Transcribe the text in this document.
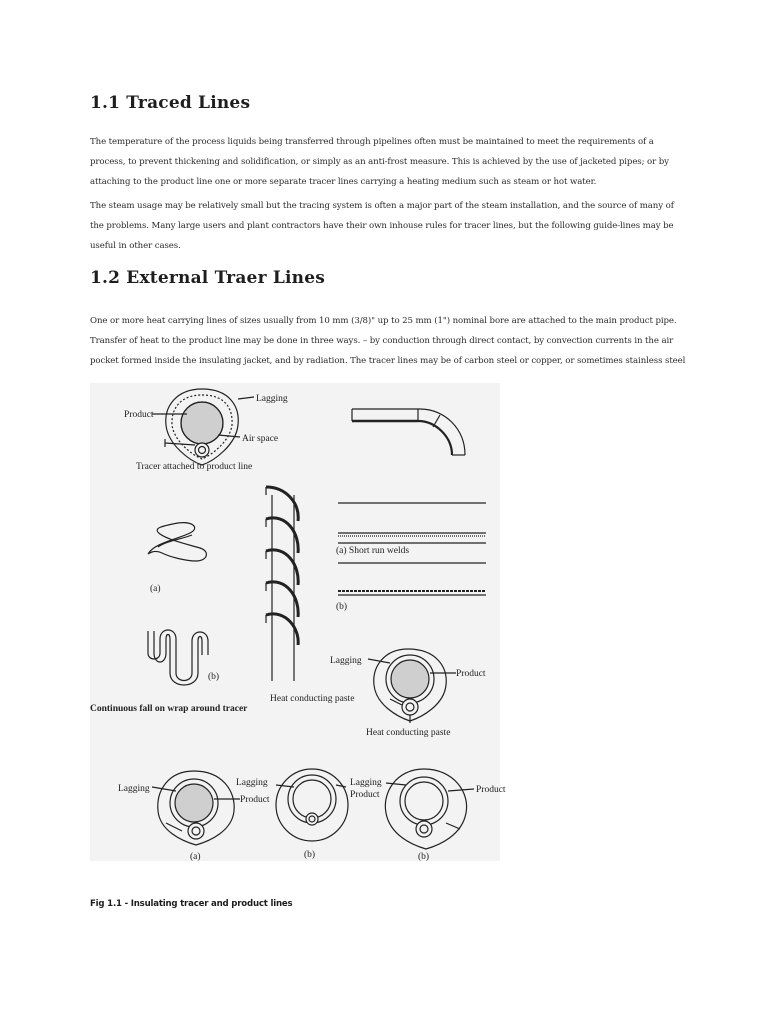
1.1 Traced Lines

The temperature of the process liquids being transferred through pipelines often must be maintained to meet the requirements of a process, to prevent thickening and solidification, or simply as an anti-frost measure. This is achieved by the use of jacketed pipes; or by attaching to the product line one or more separate tracer lines carrying a heating medium such as steam or hot water.

The steam usage may be relatively small but the tracing system is often a major part of the steam installation, and the source of many of the problems. Many large users and plant contractors have their own inhouse rules for tracer lines, but the following guide-lines may be useful in other cases.

1.2 External Traer Lines

One or more heat carrying lines of sizes usually from 10 mm (3/8)" up to 25 mm (1") nominal bore are attached to the main product pipe. Transfer of heat to the product line may be done in three ways. – by conduction through direct contact, by convection currents in the air pocket formed inside the insulating jacket, and by radiation. The tracer lines may be of carbon steel or copper, or sometimes stainless steel

Lagging
Product
Air space
Tracer attached to product line
(a)
(b)
(a) Short run welds
(b)
Continuous fall on wrap around tracer
Lagging
Product
Heat conducting paste
Heat conducting paste
Lagging
Lagging
Product
Lagging
Product	Product
(a)	(b)	(b)

Fig 1.1 - Insulating tracer and product lines
